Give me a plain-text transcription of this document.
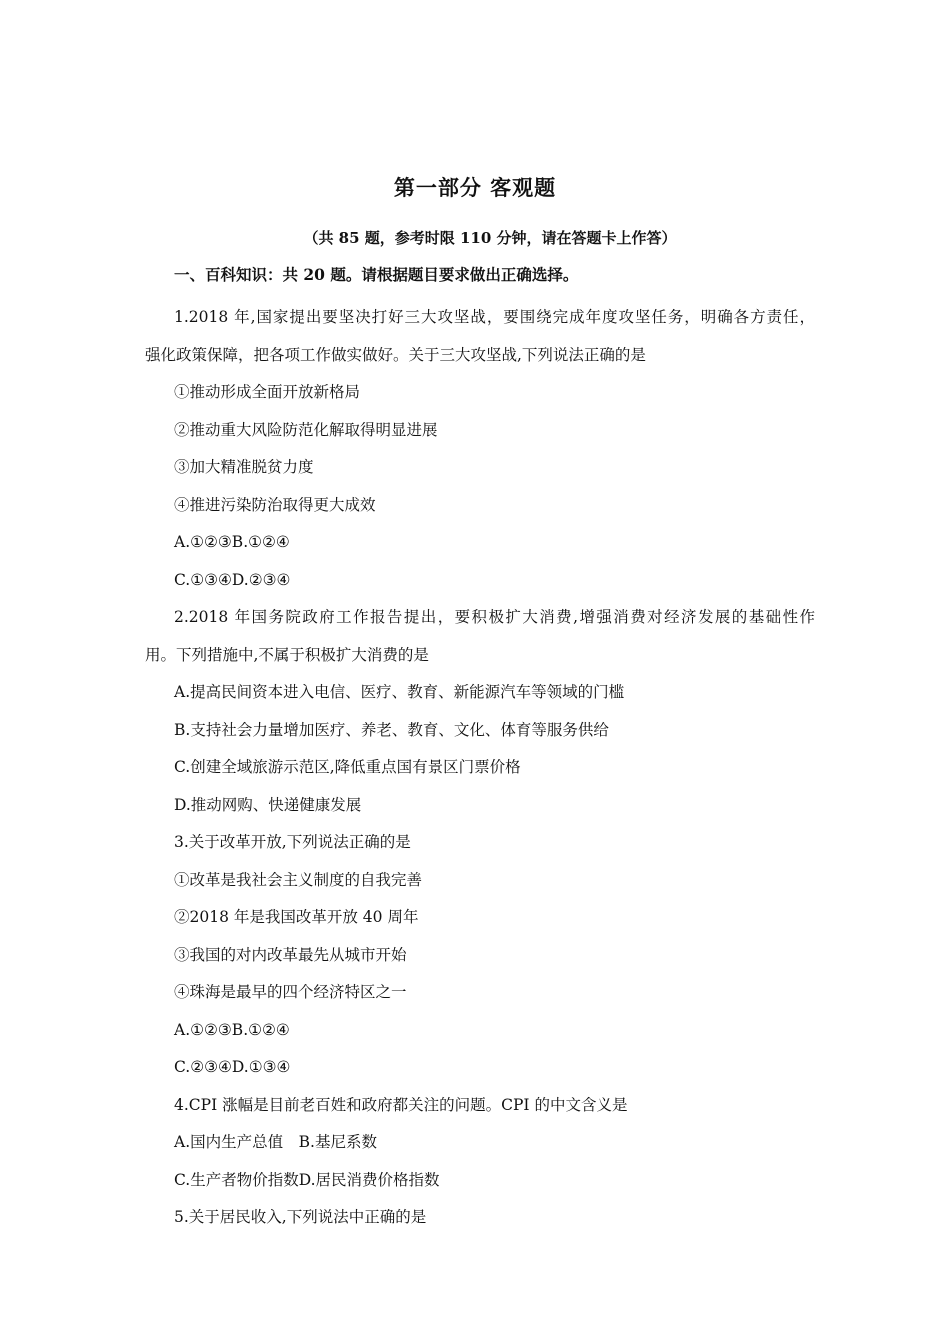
第一部分 客观题
（共 85 题，参考时限 110 分钟，请在答题卡上作答）
一、百科知识：共 20 题。请根据题目要求做出正确选择。
1.2018 年,国家提出要坚决打好三大攻坚战，要围绕完成年度攻坚任务，明确各方责任，
强化政策保障，把各项工作做实做好。关于三大攻坚战,下列说法正确的是
①推动形成全面开放新格局
②推动重大风险防范化解取得明显进展
③加大精准脱贫力度
④推进污染防治取得更大成效
A.①②③B.①②④
C.①③④D.②③④
2.2018 年国务院政府工作报告提出，要积极扩大消费,增强消费对经济发展的基础性作
用。下列措施中,不属于积极扩大消费的是
A.提高民间资本进入电信、医疗、教育、新能源汽车等领域的门槛
B.支持社会力量增加医疗、养老、教育、文化、体育等服务供给
C.创建全域旅游示范区,降低重点国有景区门票价格
D.推动网购、快递健康发展
3.关于改革开放,下列说法正确的是
①改革是我社会主义制度的自我完善
②2018 年是我国改革开放 40 周年
③我国的对内改革最先从城市开始
④珠海是最早的四个经济特区之一
A.①②③B.①②④
C.②③④D.①③④
4.CPI 涨幅是目前老百姓和政府都关注的问题。CPI 的中文含义是
A.国内生产总值　B.基尼系数
C.生产者物价指数D.居民消费价格指数
5.关于居民收入,下列说法中正确的是
